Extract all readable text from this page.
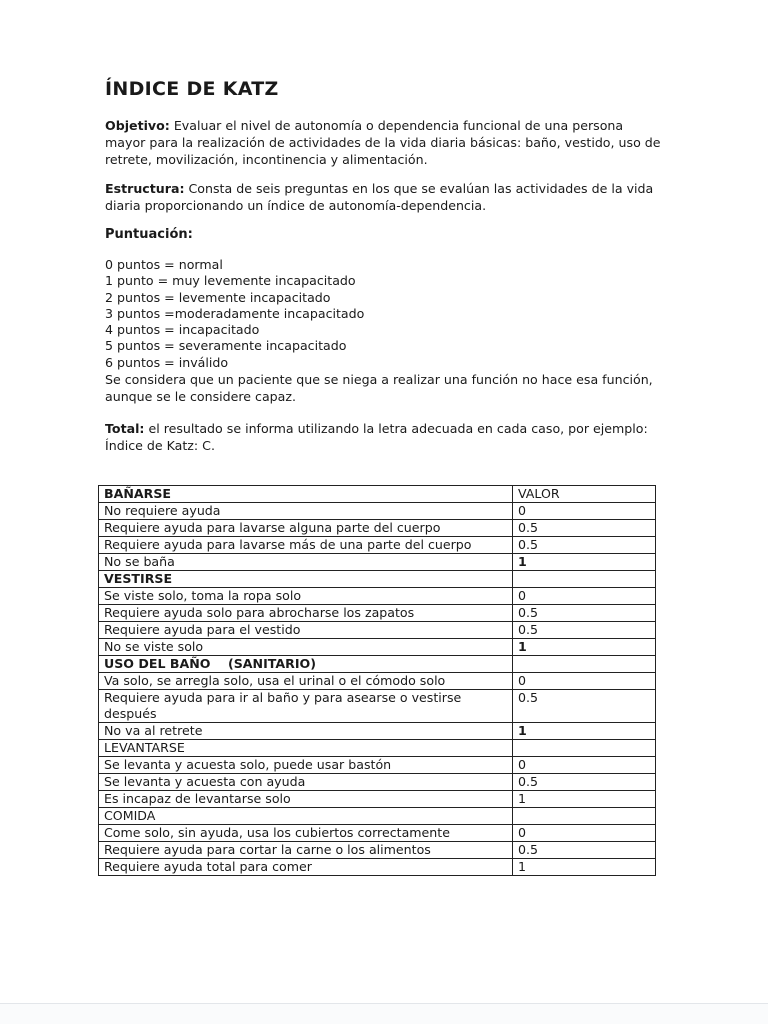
ÍNDICE DE KATZ

Objetivo: Evaluar el nivel de autonomía o dependencia funcional de una persona mayor para la realización de actividades de la vida diaria básicas: baño, vestido, uso de retrete, movilización, incontinencia y alimentación.

Estructura: Consta de seis preguntas en los que se evalúan las actividades de la vida diaria proporcionando un índice de autonomía-dependencia.

Puntuación:

0 puntos = normal

1 punto = muy levemente incapacitado

2 puntos = levemente incapacitado

3 puntos =moderadamente incapacitado

4 puntos = incapacitado

5 puntos = severamente incapacitado

6 puntos = inválido

Se considera que un paciente que se niega a realizar una función no hace esa función, aunque se le considere capaz.

Total: el resultado se informa utilizando la letra adecuada en cada caso, por ejemplo: Índice de Katz: C.

BAÑARSE	VALOR
No requiere ayuda	0
Requiere ayuda para lavarse alguna parte del cuerpo	0.5
Requiere ayuda para lavarse más de una parte del cuerpo	0.5
No se baña	1
VESTIRSE	
Se viste solo, toma la ropa solo	0
Requiere ayuda solo para abrocharse los zapatos	0.5
Requiere ayuda para el vestido	0.5
No se viste solo	1
USO DEL BAÑO    (SANITARIO)	
Va solo, se arregla solo, usa el urinal o el cómodo solo	0
Requiere ayuda para ir al baño y para asearse o vestirse después	0.5
No va al retrete	1
LEVANTARSE	
Se levanta y acuesta solo, puede usar bastón	0
Se levanta y acuesta con ayuda	0.5
Es incapaz de levantarse solo	1
COMIDA	
Come solo, sin ayuda, usa los cubiertos correctamente	0
Requiere ayuda para cortar la carne o los alimentos	0.5
Requiere ayuda total para comer	1
